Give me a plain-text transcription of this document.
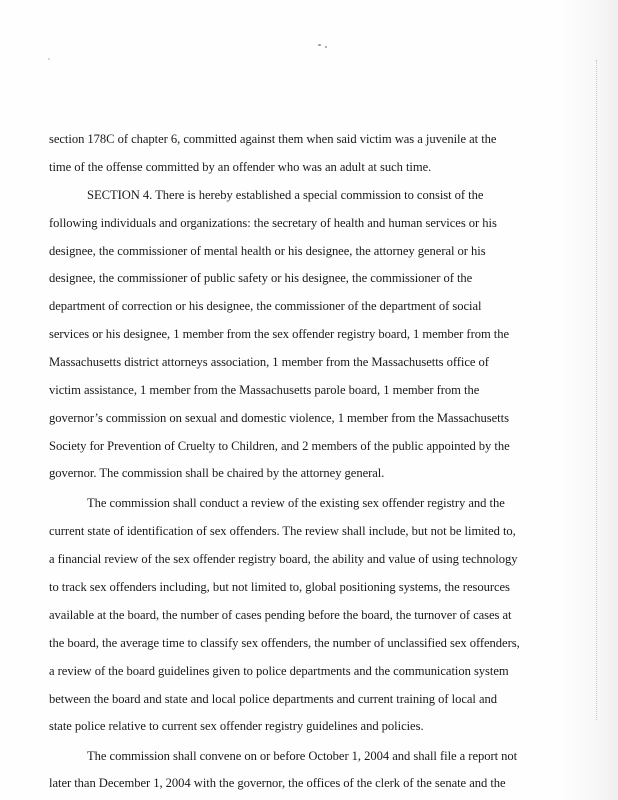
section 178C of chapter 6, committed against them when said victim was a juvenile at the
time of the offense committed by an offender who was an adult at such time.
SECTION 4. There is hereby established a special commission to consist of the
following individuals and organizations: the secretary of health and human services or his
designee, the commissioner of mental health or his designee, the attorney general or his
designee, the commissioner of public safety or his designee, the commissioner of the
department of correction or his designee, the commissioner of the department of social
services or his designee, 1 member from the sex offender registry board, 1 member from the
Massachusetts district attorneys association, 1 member from the Massachusetts office of
victim assistance, 1 member from the Massachusetts parole board, 1 member from the
governor’s commission on sexual and domestic violence, 1 member from the Massachusetts
Society for Prevention of Cruelty to Children, and 2 members of the public appointed by the
governor. The commission shall be chaired by the attorney general.
The commission shall conduct a review of the existing sex offender registry and the
current state of identification of sex offenders. The review shall include, but not be limited to,
a financial review of the sex offender registry board, the ability and value of using technology
to track sex offenders including, but not limited to, global positioning systems, the resources
available at the board, the number of cases pending before the board, the turnover of cases at
the board, the average time to classify sex offenders, the number of unclassified sex offenders,
a review of the board guidelines given to police departments and the communication system
between the board and state and local police departments and current training of local and
state police relative to current sex offender registry guidelines and policies.
The commission shall convene on or before October 1, 2004 and shall file a report not
later than December 1, 2004 with the governor, the offices of the clerk of the senate and the
